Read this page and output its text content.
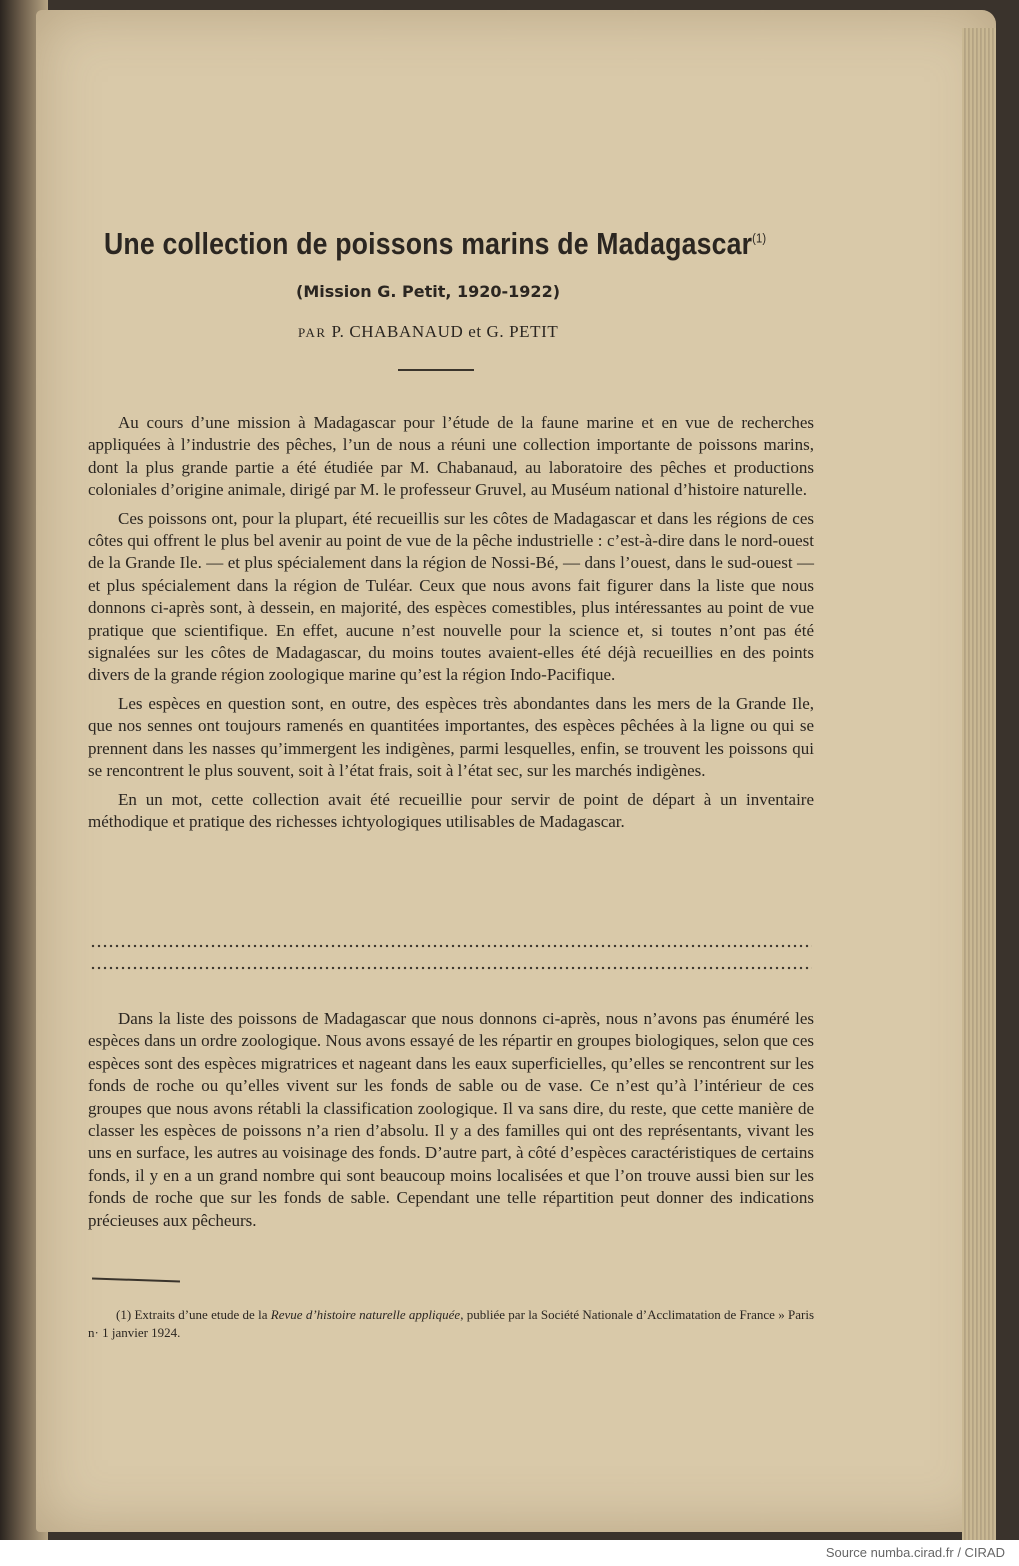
Une collection de poissons marins de Madagascar$^{(1)}$
(Mission G. Petit, 1920-1922)
PAR P. CHABANAUD et G. PETIT

Au cours d’une mission à Madagascar pour l’étude de la faune marine et en vue de recherches appliquées à l’industrie des pêches, l’un de nous a réuni une collection importante de poissons marins, dont la plus grande partie a été étudiée par M. Chabanaud, au laboratoire des pêches et productions coloniales d’origine animale, dirigé par M. le professeur Gruvel, au Muséum national d’histoire naturelle.

Ces poissons ont, pour la plupart, été recueillis sur les côtes de Madagascar et dans les régions de ces côtes qui offrent le plus bel avenir au point de vue de la pêche industrielle : c’est-à-dire dans le nord-ouest de la Grande Ile. — et plus spécialement dans la région de Nossi-Bé, — dans l’ouest, dans le sud-ouest — et plus spécialement dans la région de Tuléar. Ceux que nous avons fait figurer dans la liste que nous donnons ci-après sont, à dessein, en majorité, des espèces comestibles, plus intéressantes au point de vue pratique que scientifique. En effet, aucune n’est nouvelle pour la science et, si toutes n’ont pas été signalées sur les côtes de Madagascar, du moins toutes avaient-elles été déjà recueillies en des points divers de la grande région zoologique marine qu’est la région Indo-Pacifique.

Les espèces en question sont, en outre, des espèces très abondantes dans les mers de la Grande Ile, que nos sennes ont toujours ramenés en quantitées importantes, des espèces pêchées à la ligne ou qui se prennent dans les nasses qu’immergent les indigènes, parmi lesquelles, enfin, se trouvent les poissons qui se rencontrent le plus souvent, soit à l’état frais, soit à l’état sec, sur les marchés indigènes.

En un mot, cette collection avait été recueillie pour servir de point de départ à un inventaire méthodique et pratique des richesses ichtyologiques utilisables de Madagascar.

Dans la liste des poissons de Madagascar que nous donnons ci-après, nous n’avons pas énuméré les espèces dans un ordre zoologique. Nous avons essayé de les répartir en groupes biologiques, selon que ces espèces sont des espèces migratrices et nageant dans les eaux superficielles, qu’elles se rencontrent sur les fonds de roche ou qu’elles vivent sur les fonds de sable ou de vase. Ce n’est qu’à l’intérieur de ces groupes que nous avons rétabli la classification zoologique. Il va sans dire, du reste, que cette manière de classer les espèces de poissons n’a rien d’absolu. Il y a des familles qui ont des représentants, vivant les uns en surface, les autres au voisinage des fonds. D’autre part, à côté d’espèces caractéristiques de certains fonds, il y en a un grand nombre qui sont beaucoup moins localisées et que l’on trouve aussi bien sur les fonds de roche que sur les fonds de sable. Cependant une telle répartition peut donner des indications précieuses aux pêcheurs.

(1) Extraits d’une etude de la Revue d’histoire naturelle appliquée, publiée par la Société Nationale d’Acclimatation de France » Paris n· 1 janvier 1924.

Source numba.cirad.fr / CIRAD
